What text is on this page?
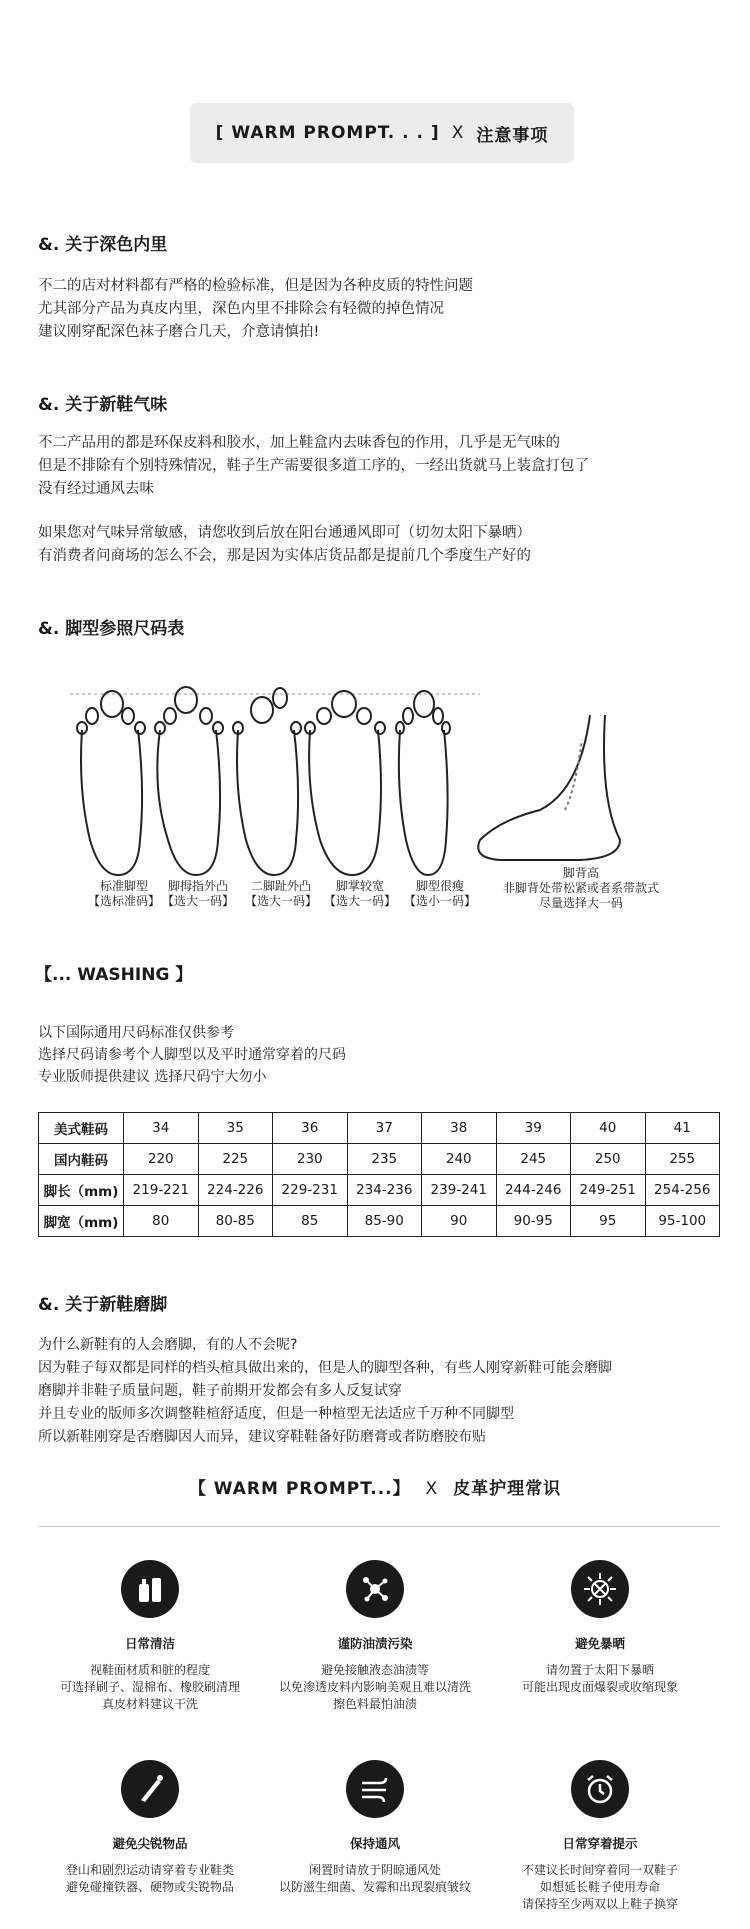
[ WARM PROMPT. . . ] X 注意事项
&. 关于深色内里
不二的店对材料都有严格的检验标准，但是因为各种皮质的特性问题
尤其部分产品为真皮内里，深色内里不排除会有轻微的掉色情况
建议刚穿配深色袜子磨合几天，介意请慎拍!
&. 关于新鞋气味
不二产品用的都是环保皮料和胶水，加上鞋盒内去味香包的作用，几乎是无气味的
但是不排除有个别特殊情况，鞋子生产需要很多道工序的，一经出货就马上装盒打包了
没有经过通风去味
如果您对气味异常敏感，请您收到后放在阳台通通风即可（切勿太阳下暴晒）
有消费者问商场的怎么不会，那是因为实体店货品都是提前几个季度生产好的
&. 脚型参照尺码表
标准脚型
【选标准码】
脚拇指外凸
【选大一码】
二脚趾外凸
【选大一码】
脚掌较宽
【选大一码】
脚型很瘦
【选小一码】
脚背高
非脚背处带松紧或者系带款式
尽量选择大一码
【... WASHING 】
以下国际通用尺码标准仅供参考
选择尺码请参考个人脚型以及平时通常穿着的尺码
专业版师提供建议 选择尺码宁大勿小
美式鞋码	34	35	36	37	38	39	40	41
国内鞋码	220	225	230	235	240	245	250	255
脚长（mm)	219-221	224-226	229-231	234-236	239-241	244-246	249-251	254-256
脚宽（mm)	80	80-85	85	85-90	90	90-95	95	95-100
&. 关于新鞋磨脚
为什么新鞋有的人会磨脚，有的人不会呢?
因为鞋子每双都是同样的档头楦具做出来的，但是人的脚型各种，有些人刚穿新鞋可能会磨脚
磨脚并非鞋子质量问题，鞋子前期开发都会有多人反复试穿
并且专业的版师多次调整鞋楦舒适度，但是一种楦型无法适应千万种不同脚型
所以新鞋刚穿是否磨脚因人而异，建议穿鞋鞋备好防磨膏或者防磨胶布贴
【 WARM PROMPT...】 X 皮革护理常识
日常清洁
视鞋面材质和脏的程度
可选择刷子、湿棉布、橡胶刷清理
真皮材料建议干洗
谨防油渍污染
避免接触液态油渍等
以免渗透皮料内影响美观且难以清洗
擦色料最怕油渍
避免暴晒
请勿置于太阳下暴晒
可能出现皮面爆裂或收缩现象
避免尖锐物品
登山和剧烈运动请穿着专业鞋类
避免碰撞铁器、硬物或尖锐物品
保持通风
闲置时请放于阴晾通风处
以防滋生细菌、发霉和出现裂痕皱纹
日常穿着提示
不建议长时间穿着同一双鞋子
如想延长鞋子使用寿命
请保持至少两双以上鞋子换穿
